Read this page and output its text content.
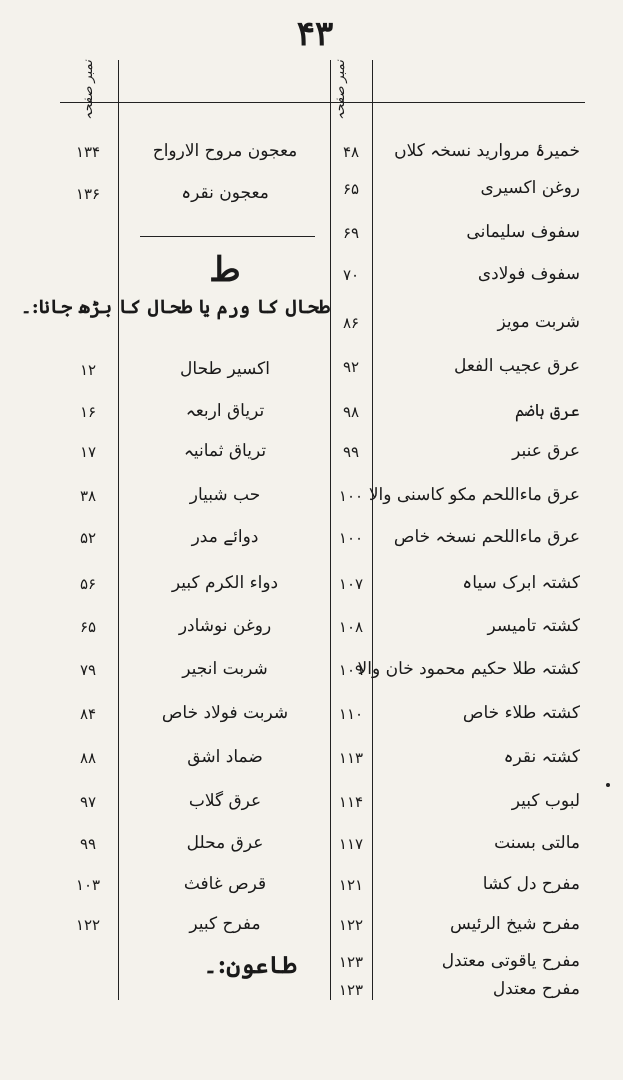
۴۳
نمبر صفحہ	نمبر صفحہ
خمیرۂ مروارید نسخہ کلاں
۴۸
روغن اکسیری
۶۵
سفوف سلیمانی
۶۹
سفوف فولادی
۷۰
شربت مویز
۸۶
عرق عجیب الفعل
۹۲
عرق ہاضم
۹۸
عرق عنبر
۹۹
عرق ماءاللحم مکو کاسنی والا
۱۰۰
عرق ماءاللحم نسخہ خاص
۱۰۰
کشتہ ابرک سیاہ
۱۰۷
کشتہ تامیسر
۱۰۸
کشتہ طلا حکیم محمود خان والا
۱۰۹
کشتہ طلاء خاص
۱۱۰
کشتہ نقرہ
۱۱۳
لبوب کبیر
۱۱۴
مالتی بسنت
۱۱۷
مفرح دل کشا
۱۲۱
مفرح شیخ الرئیس
۱۲۲
مفرح یاقوتی معتدل
۱۲۳
مفرح معتدل
۱۲۳
معجون مروح الارواح
۱۳۴
معجون نقرہ
۱۳۶
ط
طحال کا ورم یا طحال کا بڑھ جانا:۔
اکسیر طحال
۱۲
تریاق اربعہ
۱۶
تریاق ثمانیہ
۱۷
حب شبیار
۳۸
دوائے مدر
۵۲
دواء الکرم کبیر
۵۶
روغن نوشادر
۶۵
شربت انجیر
۷۹
شربت فولاد خاص
۸۴
ضماد اشق
۸۸
عرق گلاب
۹۷
عرق محلل
۹۹
قرص غافث
۱۰۳
مفرح کبیر
۱۲۲
طاعون:۔
